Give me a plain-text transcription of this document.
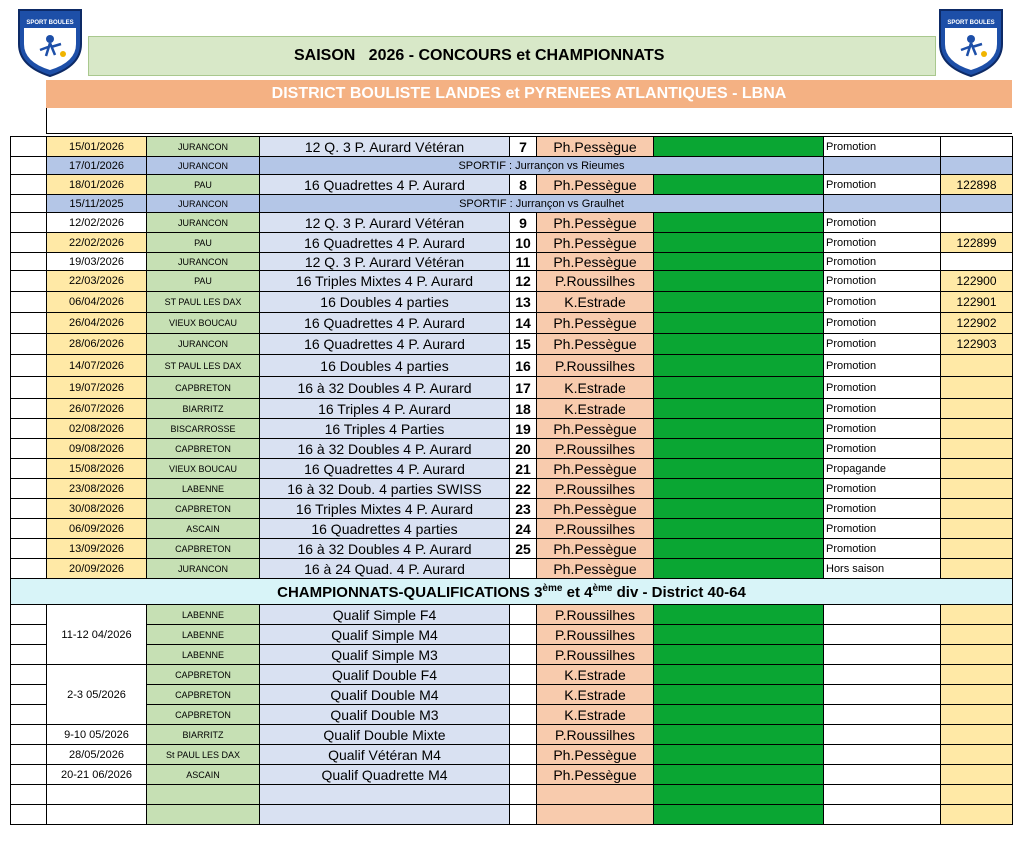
SPORT BOULES	SPORT BOULES
SAISON   2026 - CONCOURS et CHAMPIONNATS
DISTRICT BOULISTE LANDES et PYRENEES ATLANTIQUES - LBNA
	15/01/2026	JURANCON	12 Q. 3 P. Aurard Vétéran	7	Ph.Pessègue		Promotion	
	17/01/2026	JURANCON	SPORTIF : Jurrançon vs Rieumes					
	18/01/2026	PAU	16 Quadrettes 4 P. Aurard	8	Ph.Pessègue		Promotion	122898
	15/11/2025	JURANCON	SPORTIF : Jurrançon vs Graulhet					
	12/02/2026	JURANCON	12 Q. 3 P. Aurard Vétéran	9	Ph.Pessègue		Promotion	
	22/02/2026	PAU	16 Quadrettes 4 P. Aurard	10	Ph.Pessègue		Promotion	122899
	19/03/2026	JURANCON	12 Q. 3 P. Aurard Vétéran	11	Ph.Pessègue		Promotion	
	22/03/2026	PAU	16 Triples Mixtes 4 P. Aurard	12	P.Roussilhes		Promotion	122900
	06/04/2026	ST PAUL LES DAX	16 Doubles 4 parties	13	K.Estrade		Promotion	122901
	26/04/2026	VIEUX BOUCAU	16 Quadrettes 4 P. Aurard	14	Ph.Pessègue		Promotion	122902
	28/06/2026	JURANCON	16 Quadrettes 4 P. Aurard	15	Ph.Pessègue		Promotion	122903
	14/07/2026	ST PAUL LES DAX	16 Doubles 4 parties	16	P.Roussilhes		Promotion	
	19/07/2026	CAPBRETON	16 à 32 Doubles 4 P. Aurard	17	K.Estrade		Promotion	
	26/07/2026	BIARRITZ	16 Triples 4 P. Aurard	18	K.Estrade		Promotion	
	02/08/2026	BISCARROSSE	16 Triples 4 Parties	19	Ph.Pessègue		Promotion	
	09/08/2026	CAPBRETON	16 à 32 Doubles 4 P. Aurard	20	P.Roussilhes		Promotion	
	15/08/2026	VIEUX BOUCAU	16 Quadrettes 4 P. Aurard	21	Ph.Pessègue		Propagande	
	23/08/2026	LABENNE	16 à 32 Doub. 4 parties SWISS	22	P.Roussilhes		Promotion	
	30/08/2026	CAPBRETON	16 Triples Mixtes 4 P. Aurard	23	Ph.Pessègue		Promotion	
	06/09/2026	ASCAIN	16 Quadrettes 4 parties	24	P.Roussilhes		Promotion	
	13/09/2026	CAPBRETON	16 à 32 Doubles 4 P. Aurard	25	Ph.Pessègue		Promotion	
	20/09/2026	JURANCON	16 à 24 Quad. 4 P. Aurard		Ph.Pessègue		Hors saison	
CHAMPIONNATS-QUALIFICATIONS 3ème et 4ème div - District 40-64								
	11-12 04/2026	LABENNE	Qualif Simple F4		P.Roussilhes			
		LABENNE	Qualif Simple M4		P.Roussilhes			
		LABENNE	Qualif Simple M3		P.Roussilhes			
	2-3 05/2026	CAPBRETON	Qualif Double F4		K.Estrade			
		CAPBRETON	Qualif Double M4		K.Estrade			
		CAPBRETON	Qualif Double M3		K.Estrade			
	9-10 05/2026	BIARRITZ	Qualif Double Mixte		P.Roussilhes			
	28/05/2026	St PAUL LES DAX	Qualif Vétéran M4		Ph.Pessègue			
	20-21 06/2026	ASCAIN	Qualif Quadrette M4		Ph.Pessègue			
